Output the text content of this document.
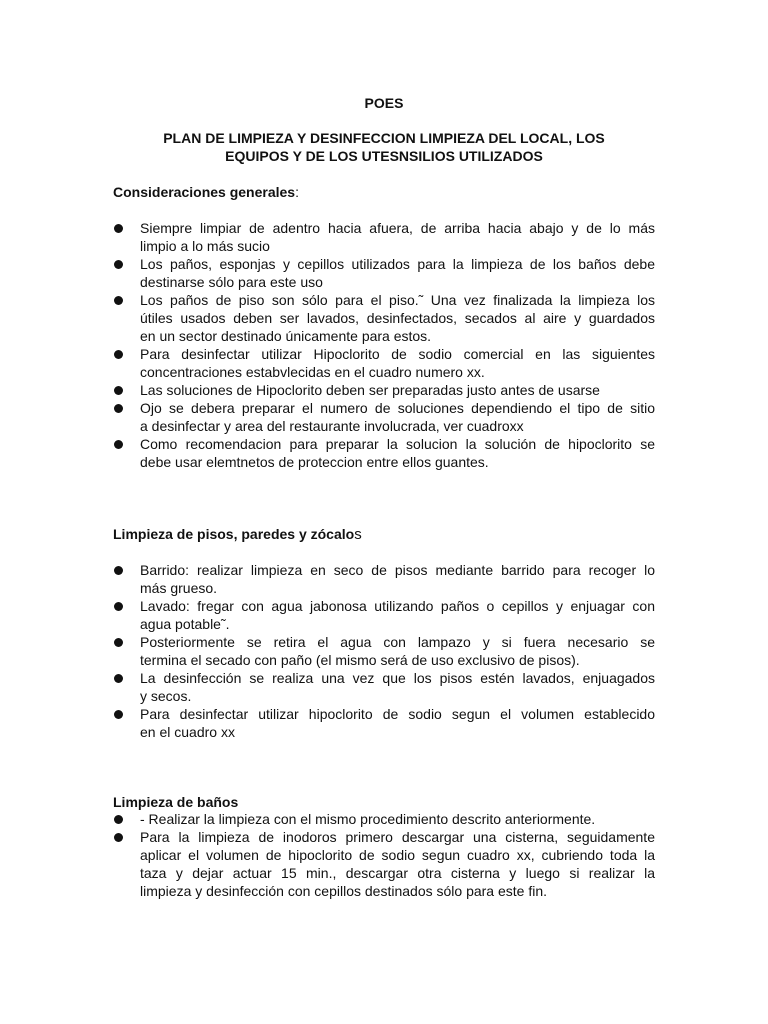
POES
PLAN DE LIMPIEZA Y DESINFECCION LIMPIEZA DEL LOCAL, LOS
EQUIPOS Y DE LOS UTESNSILIOS UTILIZADOS
Consideraciones generales:
Siempre limpiar de adentro hacia afuera, de arriba hacia abajo y de lo más
limpio a lo más sucio
Los paños, esponjas y cepillos utilizados para la limpieza de los baños debe
destinarse sólo para este uso
Los paños de piso son sólo para el piso.˜ Una vez finalizada la limpieza los
útiles usados deben ser lavados, desinfectados, secados al aire y guardados
en un sector destinado únicamente para estos.
Para desinfectar utilizar Hipoclorito de sodio comercial en las siguientes
concentraciones estabvlecidas en el cuadro numero xx.
Las soluciones de Hipoclorito deben ser preparadas justo antes de usarse
Ojo se debera preparar el numero de soluciones dependiendo el tipo de sitio
a desinfectar y area del restaurante involucrada, ver cuadroxx
Como recomendacion para preparar la solucion la solución de hipoclorito se
debe usar elemtnetos de proteccion entre ellos guantes.
Limpieza de pisos, paredes y zócalos
Barrido: realizar limpieza en seco de pisos mediante barrido para recoger lo
más grueso.
Lavado: fregar con agua jabonosa utilizando paños o cepillos y enjuagar con
agua potable˜.
Posteriormente se retira el agua con lampazo y si fuera necesario se
termina el secado con paño (el mismo será de uso exclusivo de pisos).
La desinfección se realiza una vez que los pisos estén lavados, enjuagados
y secos.
Para desinfectar utilizar hipoclorito de sodio segun el volumen establecido
en el cuadro xx
Limpieza de baños
- Realizar la limpieza con el mismo procedimiento descrito anteriormente.
Para la limpieza de inodoros primero descargar una cisterna, seguidamente
aplicar el volumen de hipoclorito de sodio segun cuadro xx, cubriendo toda la
taza y dejar actuar 15 min., descargar otra cisterna y luego si realizar la
limpieza y desinfección con cepillos destinados sólo para este fin.
